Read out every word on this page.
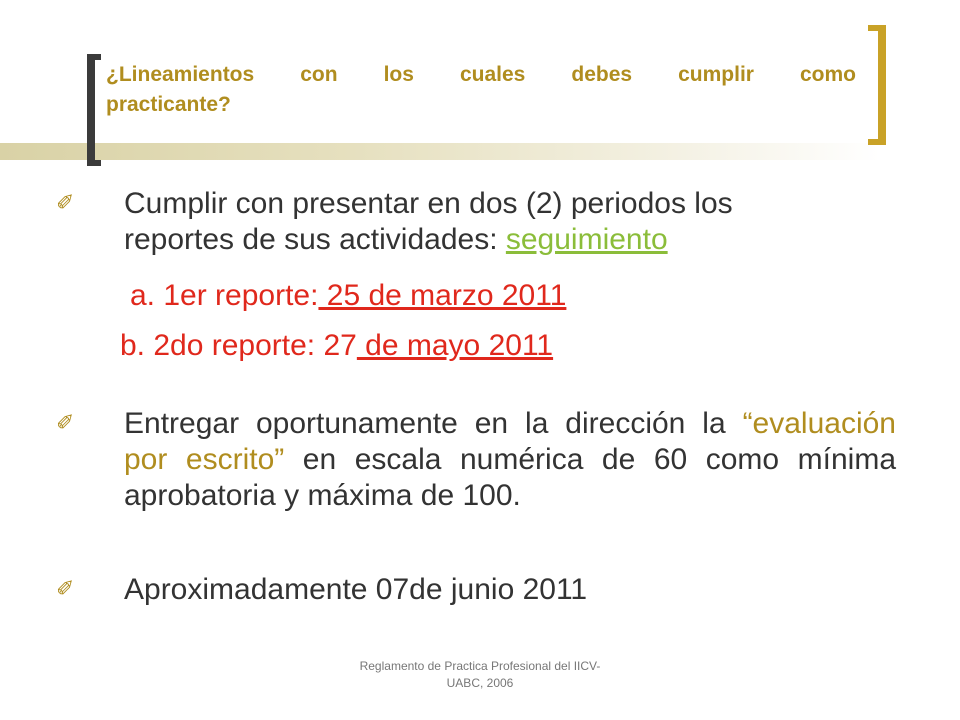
¿Lineamientos con los cuales debes cumplir como
practicante?
✐ Cumplir con presentar en dos (2) periodos los
reportes de sus actividades: seguimiento
a. 1er reporte: 25 de marzo 2011
b. 2do reporte: 27 de mayo 2011
✐ Entregar oportunamente en la dirección la “evaluación por escrito” en escala numérica de 60 como mínima aprobatoria y máxima de 100.
✐ Aproximadamente 07de junio 2011
Reglamento de Practica Profesional del IICV-
UABC, 2006
